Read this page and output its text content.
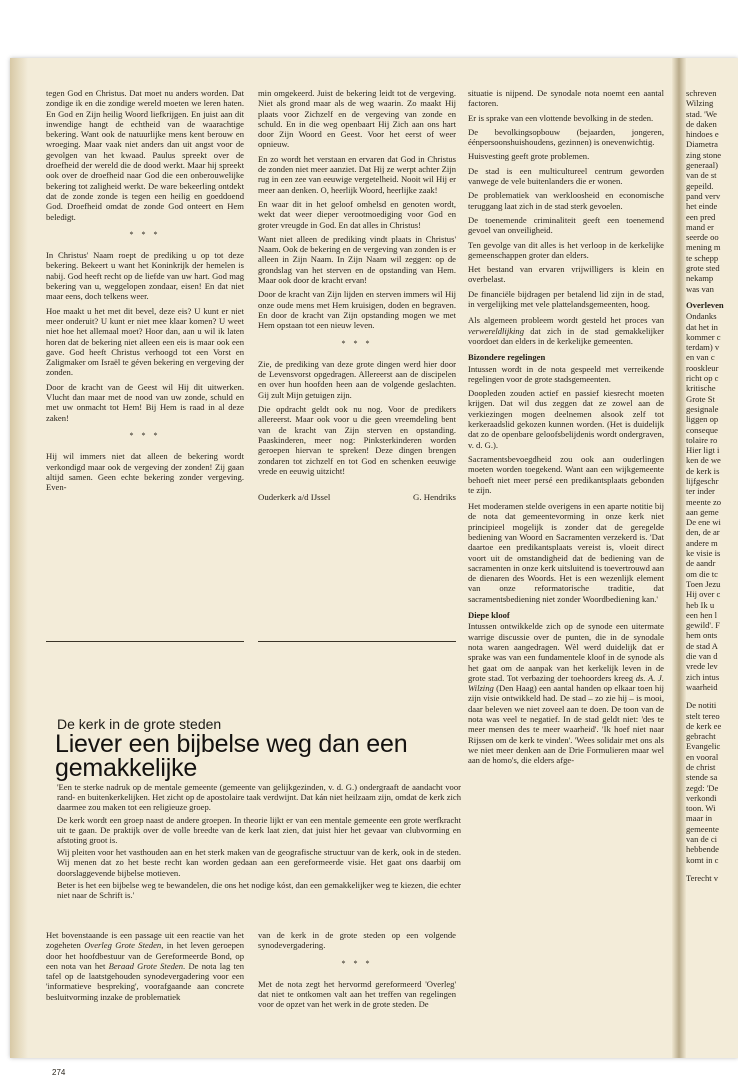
tegen God en Christus. Dat moet nu anders worden. Dat zondige ik en die zondige wereld moeten we leren haten. En God en Zijn heilig Woord liefkrijgen. En juist aan dit inwendige hangt de echtheid van de waarachtige bekering. Want ook de natuurlijke mens kent berouw en wroeging. Maar vaak niet anders dan uit angst voor de gevolgen van het kwaad. Paulus spreekt over de droefheid der wereld die de dood werkt. Maar hij spreekt ook over de droefheid naar God die een onberouwelijke bekering tot zaligheid werkt. De ware bekeerling ontdekt dat de zonde zonde is tegen een heilig en goeddoend God. Droefheid omdat de zonde God onteert en Hem beledigt.

* * *

In Christus' Naam roept de prediking u op tot deze bekering. Bekeert u want het Koninkrijk der hemelen is nabij. God heeft recht op de liefde van uw hart. God mag bekering van u, weggelopen zondaar, eisen! En dat niet maar eens, doch telkens weer.

Hoe maakt u het met dit bevel, deze eis? U kunt er niet meer onderuit? U kunt er niet mee klaar komen? U weet niet hoe het allemaal moet? Hoor dan, aan u wil ik laten horen dat de bekering niet alleen een eis is maar ook een gave. God heeft Christus verhoogd tot een Vorst en Zaligmaker om Israël te géven bekering en vergeving der zonden.

Door de kracht van de Geest wil Hij dit uitwerken. Vlucht dan maar met de nood van uw zonde, schuld en met uw onmacht tot Hem! Bij Hem is raad in al deze zaken!

* * *

Hij wil immers niet dat alleen de bekering wordt verkondigd maar ook de vergeving der zonden! Zij gaan altijd samen. Geen echte bekering zonder vergeving. Even-

min omgekeerd. Juist de bekering leidt tot de vergeving. Niet als grond maar als de weg waarin. Zo maakt Hij plaats voor Zichzelf en de vergeving van zonde en schuld. En in die weg openbaart Hij Zich aan ons hart door Zijn Woord en Geest. Voor het eerst of weer opnieuw.

En zo wordt het verstaan en ervaren dat God in Christus de zonden niet meer aanziet. Dat Hij ze werpt achter Zijn rug in een zee van eeuwige vergetelheid. Nooit wil Hij er meer aan denken. O, heerlijk Woord, heerlijke zaak!

En waar dit in het geloof omhelsd en genoten wordt, wekt dat weer dieper verootmoediging voor God en groter vreugde in God. En dat alles in Christus!

Want niet alleen de prediking vindt plaats in Christus' Naam. Ook de bekering en de vergeving van zonden is er alleen in Zijn Naam. In Zijn Naam wil zeggen: op de grondslag van het sterven en de opstanding van Hem. Maar ook door de kracht ervan!

Door de kracht van Zijn lijden en sterven immers wil Hij onze oude mens met Hem kruisigen, doden en begraven. En door de kracht van Zijn opstanding mogen we met Hem opstaan tot een nieuw leven.

* * *

Zie, de prediking van deze grote dingen werd hier door de Levensvorst opgedragen. Allereerst aan de discipelen en over hun hoofden heen aan de volgende geslachten. Gij zult Mijn getuigen zijn.

Die opdracht geldt ook nu nog. Voor de predikers allereerst. Maar ook voor u die geen vreemdeling bent van de kracht van Zijn sterven en opstanding. Paaskinderen, meer nog: Pinksterkinderen worden geroepen hiervan te spreken! Deze dingen brengen zondaren tot zichzelf en tot God en schenken eeuwige vrede en eeuwig uitzicht!

Ouderkerk a/d IJssel	G. Hendriks
De kerk in de grote steden
Liever een bijbelse weg dan een gemakkelijke

'Een te sterke nadruk op de mentale gemeente (gemeente van gelijkgezinden, v. d. G.) ondergraaft de aandacht voor rand- en buitenkerkelijken. Het zicht op de apostolaire taak verdwijnt. Dat kán niet heilzaam zijn, omdat de kerk zich daarmee zou maken tot een religieuze groep.

De kerk wordt een groep naast de andere groepen. In theorie lijkt er van een mentale gemeente een grote werfkracht uit te gaan. De praktijk over de volle breedte van de kerk laat zien, dat juist hier het gevaar van clubvorming en afstoting groot is.

Wij pleiten voor het vasthouden aan en het sterk maken van de geografische structuur van de kerk, ook in de steden. Wij menen dat zo het beste recht kan worden gedaan aan een gereformeerde visie. Het gaat ons daarbij om doorslaggevende bijbelse motieven.

Beter is het een bijbelse weg te bewandelen, die ons het nodige kóst, dan een gemakkelijker weg te kiezen, die echter niet naar de Schrift is.'

Het bovenstaande is een passage uit een reactie van het zogeheten Overleg Grote Steden, in het leven geroepen door het hoofdbestuur van de Gereformeerde Bond, op een nota van het Beraad Grote Steden. De nota lag ten tafel op de laatstgehouden synodevergadering voor een 'informatieve bespreking', voorafgaande aan concrete besluitvorming inzake de problematiek

van de kerk in de grote steden op een volgende synodevergadering.

* * *

Met de nota zegt het hervormd gereformeerd 'Overleg' dat niet te ontkomen valt aan het treffen van regelingen voor de opzet van het werk in de grote steden. De

situatie is nijpend. De synodale nota noemt een aantal factoren.

Er is sprake van een vlottende bevolking in de steden.

De bevolkingsopbouw (bejaarden, jongeren, éénpersoonshuishoudens, gezinnen) is onevenwichtig.

Huisvesting geeft grote problemen.

De stad is een multicultureel centrum geworden vanwege de vele buitenlanders die er wonen.

De problematiek van werkloosheid en economische teruggang laat zich in de stad sterk gevoelen.

De toenemende criminaliteit geeft een toenemend gevoel van onveiligheid.

Ten gevolge van dit alles is het verloop in de kerkelijke gemeenschappen groter dan elders.

Het bestand van ervaren vrijwilligers is klein en overbelast.

De financiële bijdragen per betalend lid zijn in de stad, in vergelijking met vele plattelandsgemeenten, hoog.

Als algemeen probleem wordt gesteld het proces van verwereldlijking dat zich in de stad gemakkelijker voordoet dan elders in de kerkelijke gemeenten.

Bizondere regelingen

Intussen wordt in de nota gespeeld met verreikende regelingen voor de grote stadsgemeenten.

Doopleden zouden actief en passief kiesrecht moeten krijgen. Dat wil dus zeggen dat ze zowel aan de verkiezingen mogen deelnemen alsook zelf tot kerkeraadslid gekozen kunnen worden. (Het is duidelijk dat zo de openbare geloofsbelijdenis wordt ondergraven, v. d. G.).

Sacramentsbevoegdheid zou ook aan ouderlingen moeten worden toegekend. Want aan een wijkgemeente behoeft niet meer persé een predikantsplaats gebonden te zijn.

Het moderamen stelde overigens in een aparte notitie bij de nota dat gemeentevorming in onze kerk niet principieel mogelijk is zonder dat de geregelde bediening van Woord en Sacramenten verzekerd is. 'Dat daartoe een predikantsplaats vereist is, vloeit direct voort uit de omstandigheid dat de bediening van de sacramenten in onze kerk uitsluitend is toevertrouwd aan de dienaren des Woords. Het is een wezenlijk element van onze reformatorische traditie, dat sacramentsbediening niet zonder Woordbediening kan.'

Diepe kloof

Intussen ontwikkelde zich op de synode een uitermate warrige discussie over de punten, die in de synodale nota waren aangedragen. Wèl werd duidelijk dat er sprake was van een fundamentele kloof in de synode als het gaat om de aanpak van het kerkelijk leven in de grote stad. Tot verbazing der toehoorders kreeg ds. A. J. Wilzing (Den Haag) een aantal handen op elkaar toen hij zijn visie ontwikkeld had. De stad – zo zie hij – is mooi, daar beleven we niet zoveel aan te doen. De toon van de nota was veel te negatief. In de stad geldt niet: 'des te meer mensen des te meer waarheid'. 'Ik hoef niet naar Rijssen om de kerk te vinden'. 'Wees solidair met ons als we niet meer denken aan de Drie Formulieren maar wel aan de homo's, die elders afge-

schreven
Wilzing
stad. 'We
de daken
hindoes e
Diametra
zing stone
generaal)
van de st
gepeild.
pand verv
het einde
een pred
mand er
seerde oo
mening m
te schepp
grote sted
nekamp
was van
Overleven
Ondanks
dat het in
kommer c
terdam) v
en van c
rooskleur
richt op c
kritische
Grote St
gesignale
liggen op
conseque
tolaire ro
Hier ligt i
ken de we
de kerk is
lijfgeschr
ter inder
meente zo
aan geme
De ene wi
den, de ar
andere m
ke visie is
de aandr
om die tc
Toen Jezu
Hij over c
heb Ik u
een hen l
gewild'. F
hem onts
de stad A
die van d
vrede lev
zich intus
waarheid
De notiti
stelt tereo
de kerk ee
gebracht
Evangelic
en vooral
de christ
stende sa
zegd: 'De
verkondi
toon. Wi
maar in
gemeente
van de ci
hebbende
komt in c

Terecht v

274
